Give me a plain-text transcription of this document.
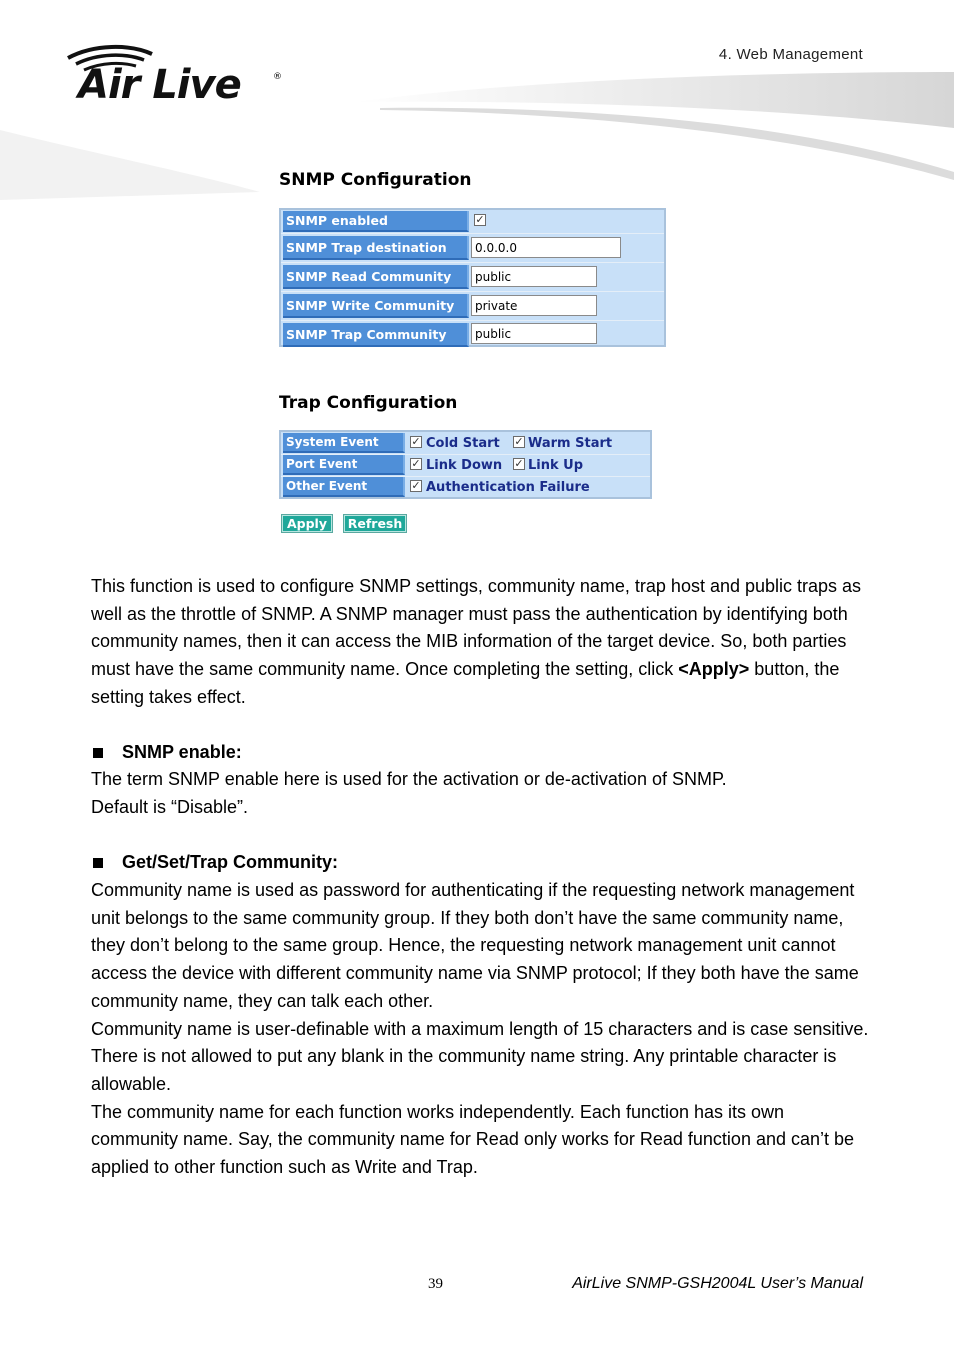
Air Live	®
4. Web Management
SNMP Configuration
SNMP enabled	✓
SNMP Trap destination	0.0.0.0
SNMP Read Community	public
SNMP Write Community	private
SNMP Trap Community	public
Trap Configuration
System Event	✓ Cold Start ✓ Warm Start
Port Event	✓ Link Down ✓ Link Up
Other Event	✓ Authentication Failure
Apply	Refresh

This function is used to configure SNMP settings, community name, trap host and public traps as well as the throttle of SNMP. A SNMP manager must pass the authentication by identifying both community names, then it can access the MIB information of the target device. So, both parties must have the same community name. Once completing the setting, click <Apply> button, the setting takes effect.

SNMP enable:

The term SNMP enable here is used for the activation or de-activation of SNMP.

Default is “Disable”.

Get/Set/Trap Community:

Community name is used as password for authenticating if the requesting network management unit belongs to the same community group. If they both don’t have the same community name, they don’t belong to the same group. Hence, the requesting network management unit cannot access the device with different community name via SNMP protocol; If they both have the same community name, they can talk each other.

Community name is user-definable with a maximum length of 15 characters and is case sensitive. There is not allowed to put any blank in the community name string. Any printable character is allowable.

The community name for each function works independently. Each function has its own community name. Say, the community name for Read only works for Read function and can’t be applied to other function such as Write and Trap.

39	AirLive SNMP-GSH2004L User’s Manual
